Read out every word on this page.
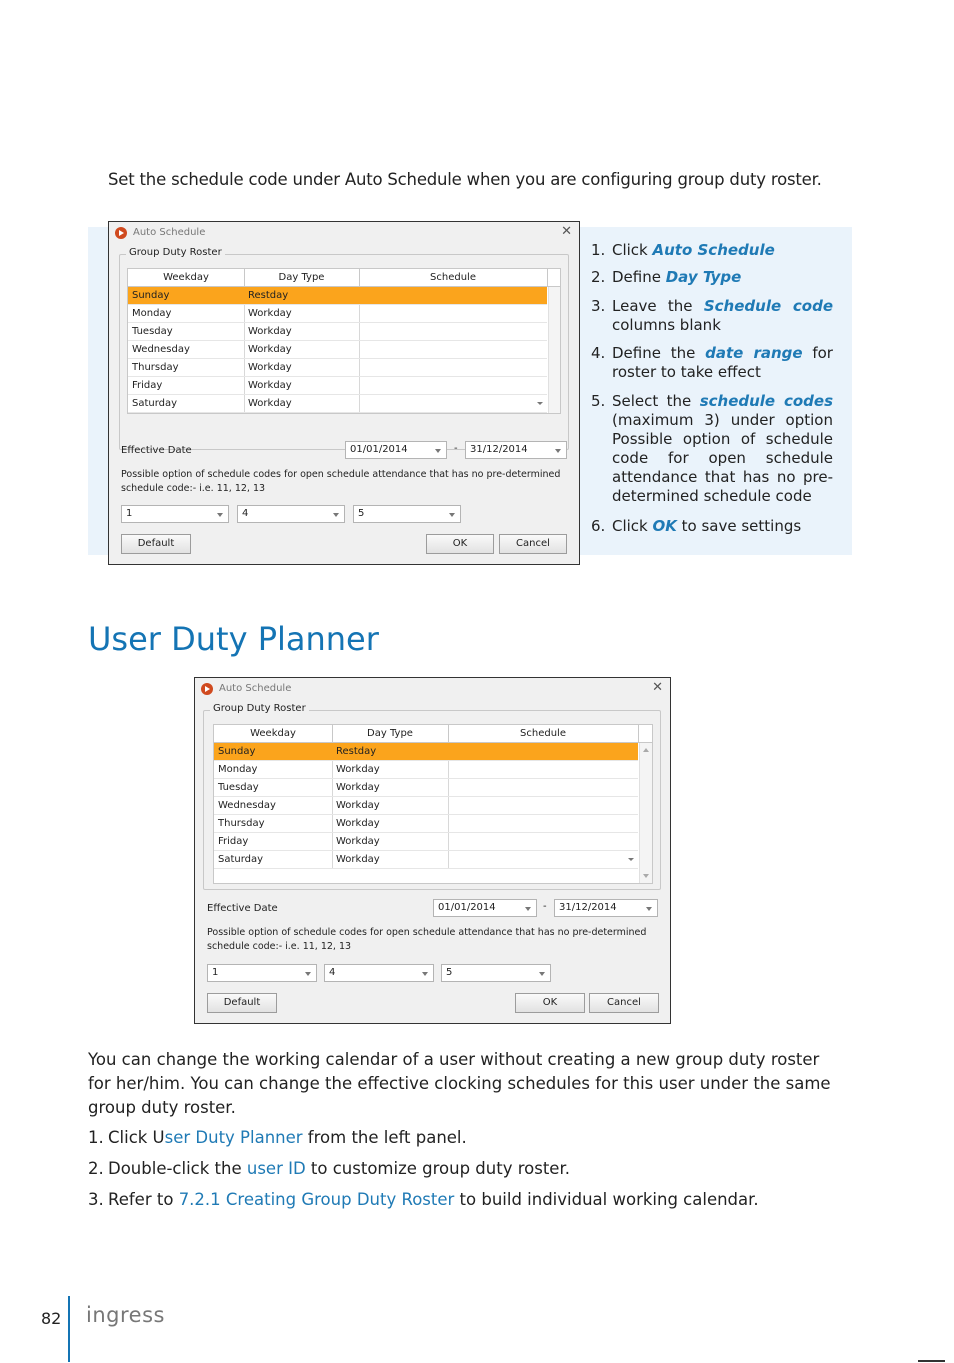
Set the schedule code under Auto Schedule when you are configuring group duty roster.
Auto Schedule	✕
Group Duty Roster
Weekday	Day Type	Schedule
Sunday	Restday
Monday	Workday
Tuesday	Workday
Wednesday	Workday
Thursday	Workday
Friday	Workday
Saturday	Workday
Effective Date	01/01/2014	- 31/12/2014
Possible option of schedule codes for open schedule attendance that has no pre-determined
schedule code:- i.e. 11, 12, 13
1	4	5
Default	OK	Cancel
1. Click Auto Schedule
2. Define Day Type
3. Leave the Schedule code columns blank
4. Define the date range for roster to take effect
5. Select the schedule codes (maximum 3) under option Possible option of schedule code for open schedule attendance that has no pre-determined schedule code
6. Click OK to save settings
User Duty Planner
Auto Schedule	✕
Group Duty Roster
Weekday	Day Type	Schedule
Sunday	Restday
Monday	Workday
Tuesday	Workday
Wednesday	Workday
Thursday	Workday
Friday	Workday
Saturday	Workday
Effective Date	01/01/2014	- 31/12/2014
Possible option of schedule codes for open schedule attendance that has no pre-determined
schedule code:- i.e. 11, 12, 13
1	4	5
Default	OK	Cancel
You can change the working calendar of a user without creating a new group duty roster for her/him. You can change the effective clocking schedules for this user under the same group duty roster.
1. Click User Duty Planner from the left panel.
2. Double-click the user ID to customize group duty roster.
3. Refer to 7.2.1 Creating Group Duty Roster to build individual working calendar.
82 ingress
